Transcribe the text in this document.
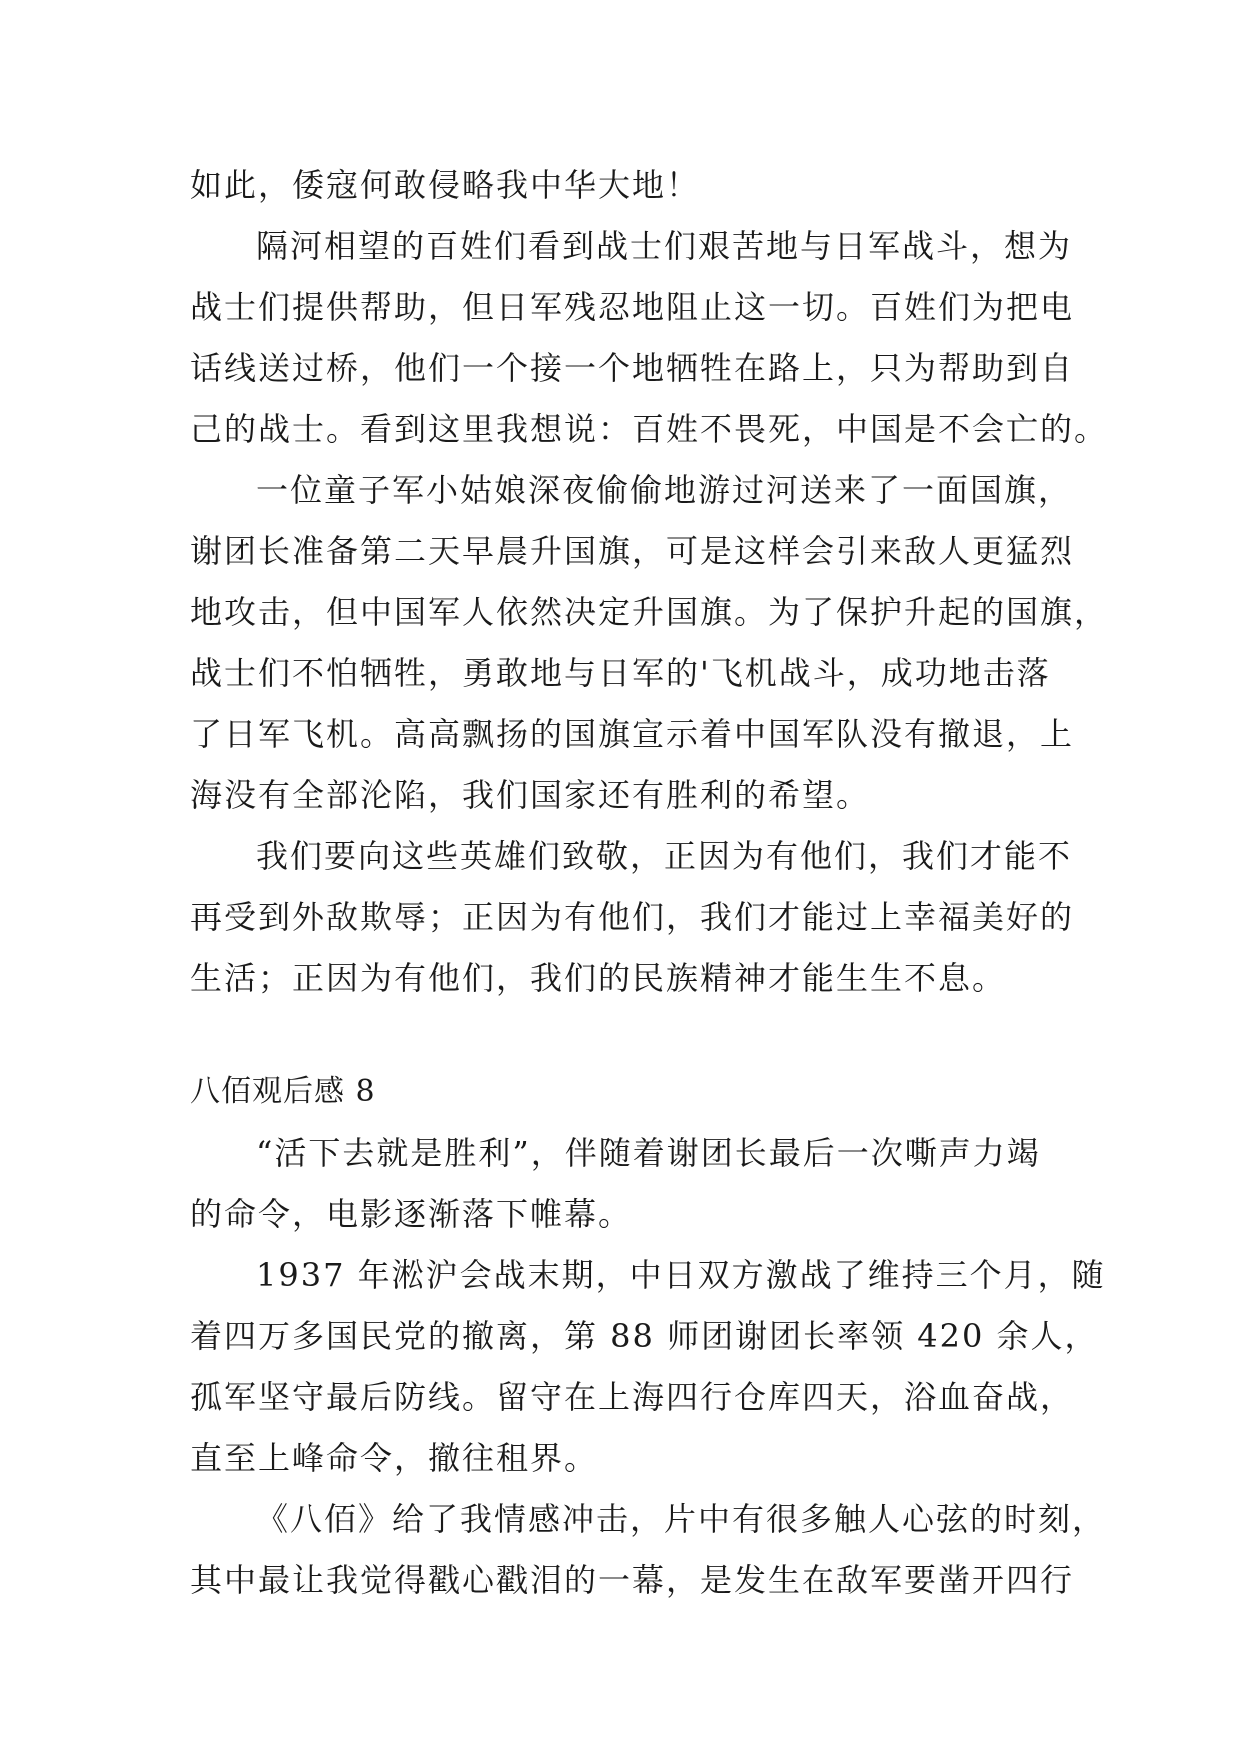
如此，倭寇何敢侵略我中华大地！
隔河相望的百姓们看到战士们艰苦地与日军战斗，想为
战士们提供帮助，但日军残忍地阻止这一切。百姓们为把电
话线送过桥，他们一个接一个地牺牲在路上，只为帮助到自
己的战士。看到这里我想说：百姓不畏死，中国是不会亡的。
一位童子军小姑娘深夜偷偷地游过河送来了一面国旗，
谢团长准备第二天早晨升国旗，可是这样会引来敌人更猛烈
地攻击，但中国军人依然决定升国旗。为了保护升起的国旗，
战士们不怕牺牲，勇敢地与日军的'飞机战斗，成功地击落
了日军飞机。高高飘扬的国旗宣示着中国军队没有撤退，上
海没有全部沦陷，我们国家还有胜利的希望。
我们要向这些英雄们致敬，正因为有他们，我们才能不
再受到外敌欺辱；正因为有他们，我们才能过上幸福美好的
生活；正因为有他们，我们的民族精神才能生生不息。
八佰观后感 8
“活下去就是胜利”，伴随着谢团长最后一次嘶声力竭
的命令，电影逐渐落下帷幕。
1937 年淞沪会战末期，中日双方激战了维持三个月，随
着四万多国民党的撤离，第 88 师团谢团长率领 420 余人，
孤军坚守最后防线。留守在上海四行仓库四天，浴血奋战，
直至上峰命令，撤往租界。
《八佰》给了我情感冲击，片中有很多触人心弦的时刻，
其中最让我觉得戳心戳泪的一幕，是发生在敌军要凿开四行
